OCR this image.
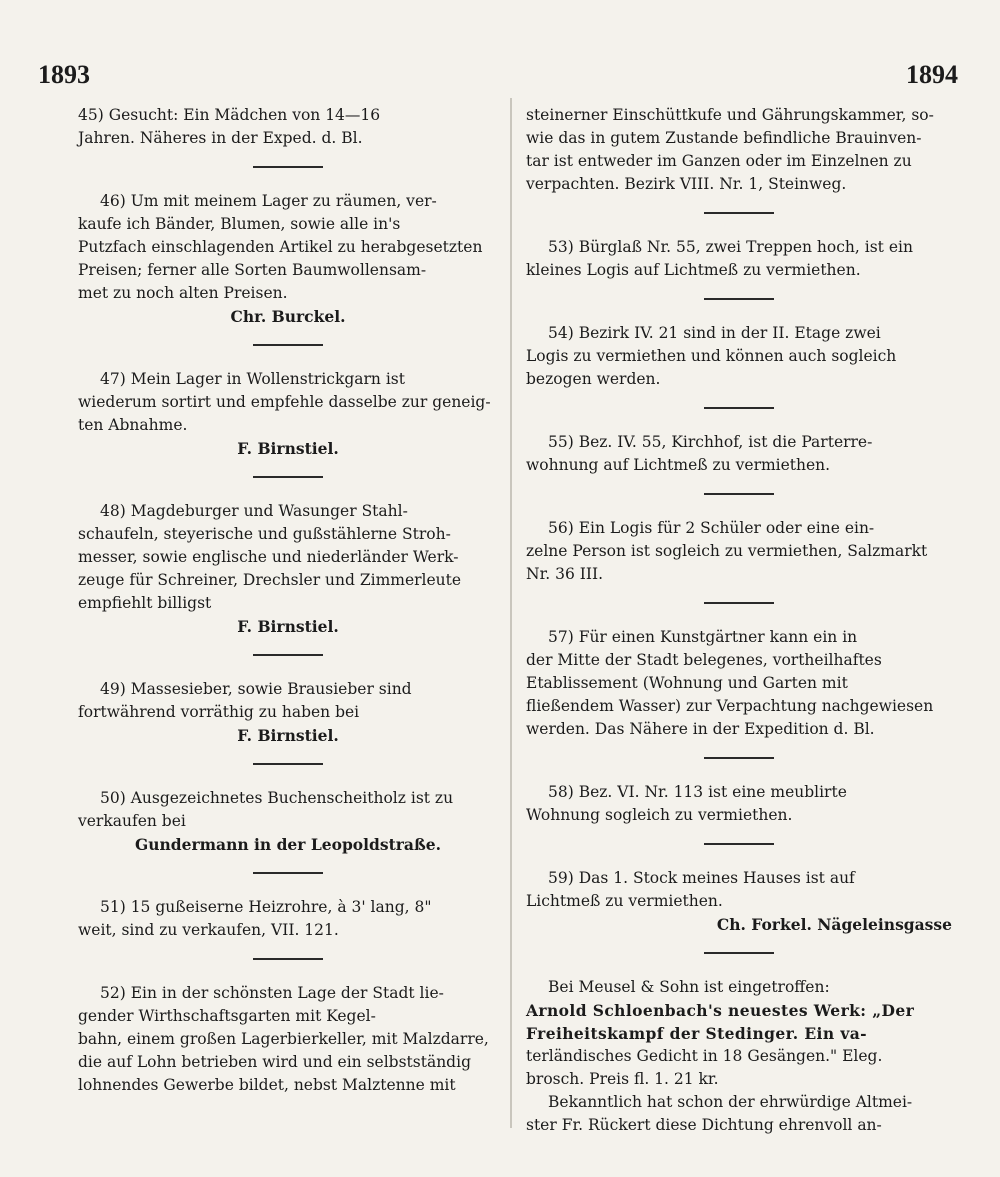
1893	1894

45) Gesucht: Ein Mädchen von 14—16

Jahren. Näheres in der Exped. d. Bl.

46) Um mit meinem Lager zu räumen, ver-

kaufe ich Bänder, Blumen, sowie alle in's

Putzfach einschlagenden Artikel zu herabgesetzten

Preisen; ferner alle Sorten Baumwollensam-

met zu noch alten Preisen.

Chr. Burckel.

47) Mein Lager in Wollenstrickgarn ist

wiederum sortirt und empfehle dasselbe zur geneig-

ten Abnahme.

F. Birnstiel.

48) Magdeburger und Wasunger Stahl-

schaufeln, steyerische und gußstählerne Stroh-

messer, sowie englische und niederländer Werk-

zeuge für Schreiner, Drechsler und Zimmerleute

empfiehlt billigst

F. Birnstiel.

49) Massesieber, sowie Brausieber sind

fortwährend vorräthig zu haben bei

F. Birnstiel.

50) Ausgezeichnetes Buchenscheitholz ist zu

verkaufen bei

Gundermann in der Leopoldstraße.

51) 15 gußeiserne Heizrohre, à 3' lang, 8"

weit, sind zu verkaufen, VII. 121.

52) Ein in der schönsten Lage der Stadt lie-

gender Wirthschaftsgarten mit Kegel-

bahn, einem großen Lagerbierkeller, mit Malzdarre,

die auf Lohn betrieben wird und ein selbstständig

lohnendes Gewerbe bildet, nebst Malztenne mit

steinerner Einschüttkufe und Gährungskammer, so-

wie das in gutem Zustande befindliche Brauinven-

tar ist entweder im Ganzen oder im Einzelnen zu

verpachten. Bezirk VIII. Nr. 1, Steinweg.

53) Bürglaß Nr. 55, zwei Treppen hoch, ist ein

kleines Logis auf Lichtmeß zu vermiethen.

54) Bezirk IV. 21 sind in der II. Etage zwei

Logis zu vermiethen und können auch sogleich

bezogen werden.

55) Bez. IV. 55, Kirchhof, ist die Parterre-

wohnung auf Lichtmeß zu vermiethen.

56) Ein Logis für 2 Schüler oder eine ein-

zelne Person ist sogleich zu vermiethen, Salzmarkt

Nr. 36 III.

57) Für einen Kunstgärtner kann ein in

der Mitte der Stadt belegenes, vortheilhaftes

Etablissement (Wohnung und Garten mit

fließendem Wasser) zur Verpachtung nachgewiesen

werden. Das Nähere in der Expedition d. Bl.

58) Bez. VI. Nr. 113 ist eine meublirte

Wohnung sogleich zu vermiethen.

59) Das 1. Stock meines Hauses ist auf

Lichtmeß zu vermiethen.

Ch. Forkel. Nägeleinsgasse

Bei Meusel & Sohn ist eingetroffen:

Arnold Schloenbach's neuestes Werk: „Der

Freiheitskampf der Stedinger. Ein va-

terländisches Gedicht in 18 Gesängen." Eleg.

brosch. Preis fl. 1. 21 kr.

Bekanntlich hat schon der ehrwürdige Altmei-

ster Fr. Rückert diese Dichtung ehrenvoll an-
